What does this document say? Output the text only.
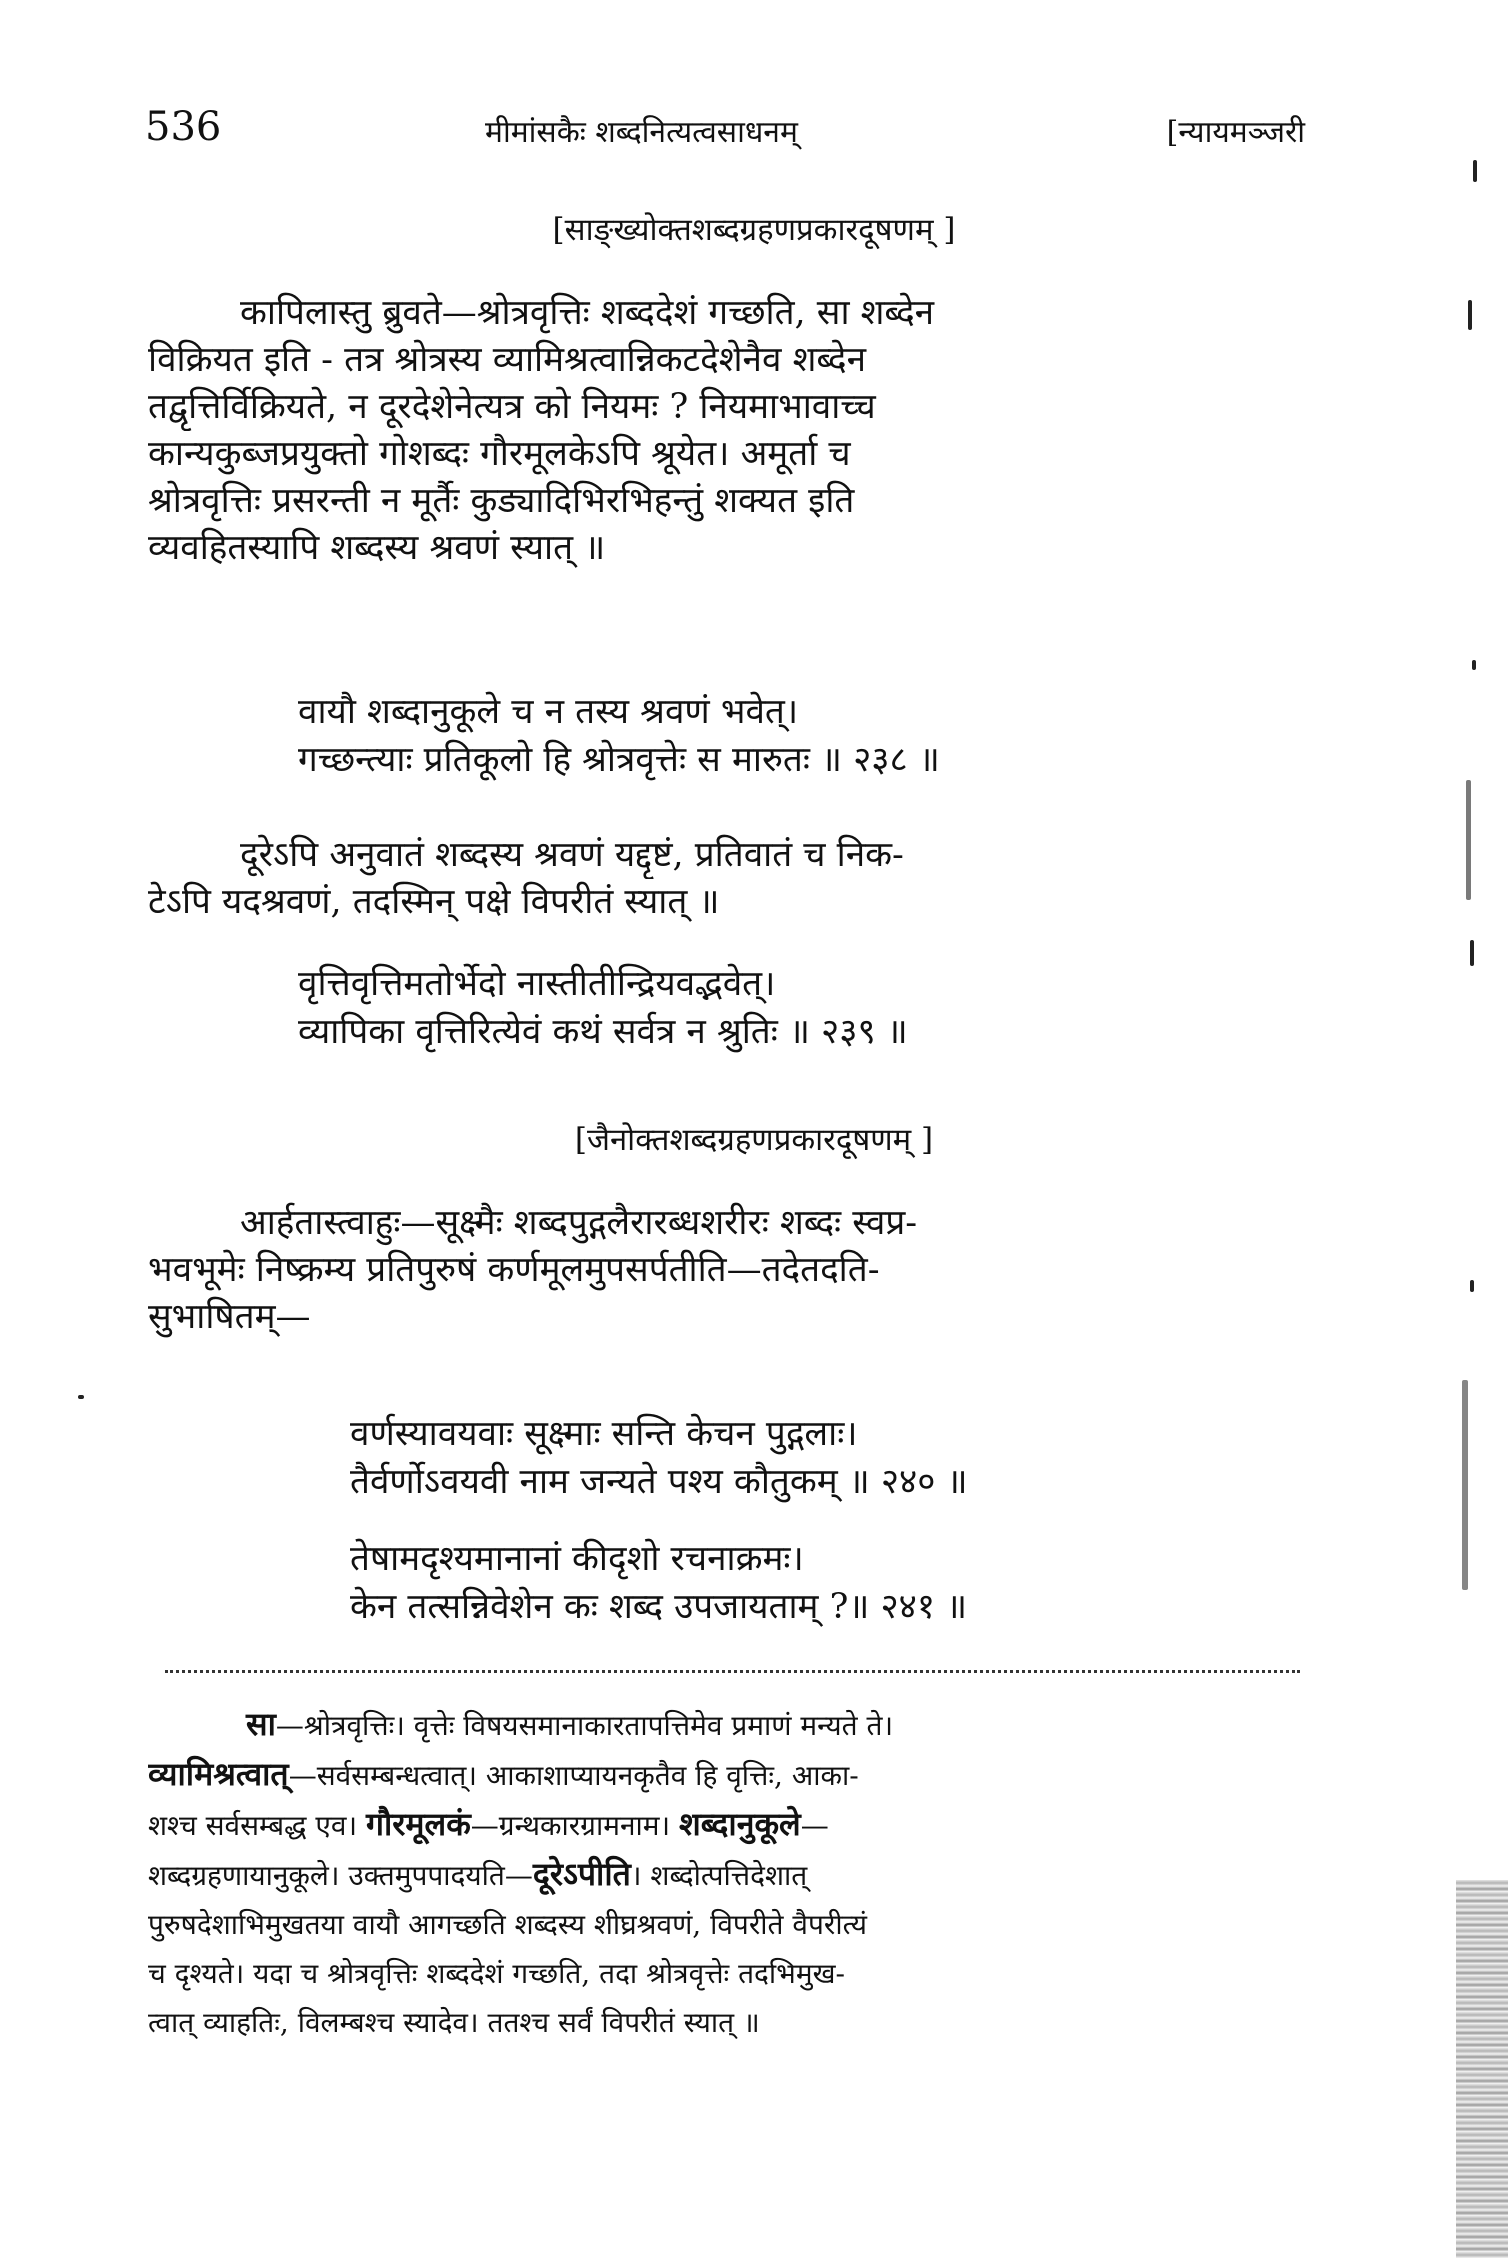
536	मीमांसकैः शब्दनित्यत्वसाधनम्	[न्यायमञ्जरी
[साङ्ख्योक्तशब्दग्रहणप्रकारदूषणम् ]
कापिलास्तु ब्रुवते—श्रोत्रवृत्तिः शब्ददेशं गच्छति, सा शब्देन
विक्रियत इति - तत्र श्रोत्रस्य व्यामिश्रत्वान्निकटदेशेनैव शब्देन
तद्वृत्तिर्विक्रियते, न दूरदेशेनेत्यत्र को नियमः ? नियमाभावाच्च
कान्यकुब्जप्रयुक्तो गोशब्दः गौरमूलकेऽपि श्रूयेत। अमूर्ता च
श्रोत्रवृत्तिः प्रसरन्ती न मूर्तैः कुड्यादिभिरभिहन्तुं शक्यत इति
व्यवहितस्यापि शब्दस्य श्रवणं स्यात् ॥
वायौ शब्दानुकूले च न तस्य श्रवणं भवेत्।
गच्छन्त्याः प्रतिकूलो हि श्रोत्रवृत्तेः स मारुतः ॥ २३८ ॥
दूरेऽपि अनुवातं शब्दस्य श्रवणं यद्दृष्टं, प्रतिवातं च निक-
टेऽपि यदश्रवणं, तदस्मिन् पक्षे विपरीतं स्यात् ॥
वृत्तिवृत्तिमतोर्भेदो नास्तीतीन्द्रियवद्भवेत्।
व्यापिका वृत्तिरित्येवं कथं सर्वत्र न श्रुतिः ॥ २३९ ॥
[जैनोक्तशब्दग्रहणप्रकारदूषणम् ]
आर्हतास्त्वाहुः—सूक्ष्मैः शब्दपुद्गलैरारब्धशरीरः शब्दः स्वप्र-
भवभूमेः निष्क्रम्य प्रतिपुरुषं कर्णमूलमुपसर्पतीति—तदेतदति-
सुभाषितम्—
वर्णस्यावयवाः सूक्ष्माः सन्ति केचन पुद्गलाः।
तैर्वर्णोऽवयवी नाम जन्यते पश्य कौतुकम् ॥ २४० ॥
तेषामदृश्यमानानां कीदृशो रचनाक्रमः।
केन तत्सन्निवेशेन कः शब्द उपजायताम् ?॥ २४१ ॥
सा—श्रोत्रवृत्तिः। वृत्तेः विषयसमानाकारतापत्तिमेव प्रमाणं मन्यते ते।
व्यामिश्रत्वात्—सर्वसम्बन्धत्वात्। आकाशाप्यायनकृतैव हि वृत्तिः, आका-
शश्च सर्वसम्बद्ध एव। गौरमूलकं—ग्रन्थकारग्रामनाम। शब्दानुकूले—
शब्दग्रहणायानुकूले। उक्तमुपपादयति—दूरेऽपीति। शब्दोत्पत्तिदेशात्
पुरुषदेशाभिमुखतया वायौ आगच्छति शब्दस्य शीघ्रश्रवणं, विपरीते वैपरीत्यं
च दृश्यते। यदा च श्रोत्रवृत्तिः शब्ददेशं गच्छति, तदा श्रोत्रवृत्तेः तदभिमुख-
त्वात् व्याहतिः, विलम्बश्च स्यादेव। ततश्च सर्वं विपरीतं स्यात् ॥
